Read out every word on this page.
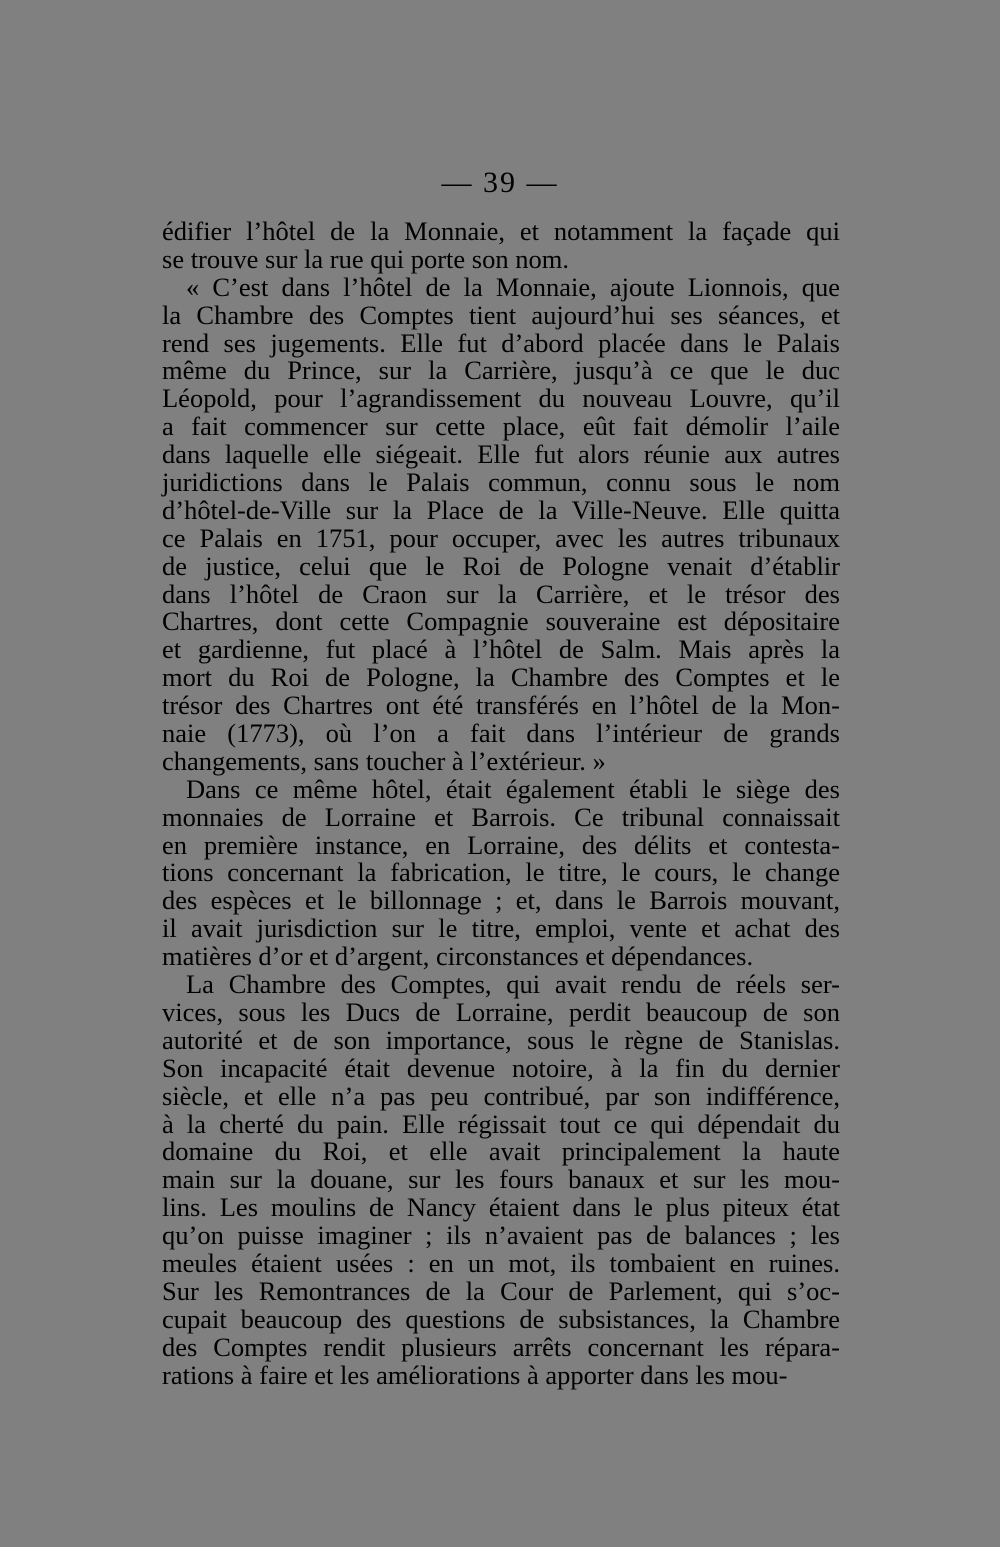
— 39 —
édifier l’hôtel de la Monnaie, et notamment la façade qui
se trouve sur la rue qui porte son nom.
« C’est dans l’hôtel de la Monnaie, ajoute Lionnois, que
la Chambre des Comptes tient aujourd’hui ses séances, et
rend ses jugements. Elle fut d’abord placée dans le Palais
même du Prince, sur la Carrière, jusqu’à ce que le duc
Léopold, pour l’agrandissement du nouveau Louvre, qu’il
a fait commencer sur cette place, eût fait démolir l’aile
dans laquelle elle siégeait. Elle fut alors réunie aux autres
juridictions dans le Palais commun, connu sous le nom
d’hôtel-de-Ville sur la Place de la Ville-Neuve. Elle quitta
ce Palais en 1751, pour occuper, avec les autres tribunaux
de justice, celui que le Roi de Pologne venait d’établir
dans l’hôtel de Craon sur la Carrière, et le trésor des
Chartres, dont cette Compagnie souveraine est dépositaire
et gardienne, fut placé à l’hôtel de Salm. Mais après la
mort du Roi de Pologne, la Chambre des Comptes et le
trésor des Chartres ont été transférés en l’hôtel de la Mon-
naie (1773), où l’on a fait dans l’intérieur de grands
changements, sans toucher à l’extérieur. »
Dans ce même hôtel, était également établi le siège des
monnaies de Lorraine et Barrois. Ce tribunal connaissait
en première instance, en Lorraine, des délits et contesta-
tions concernant la fabrication, le titre, le cours, le change
des espèces et le billonnage ; et, dans le Barrois mouvant,
il avait jurisdiction sur le titre, emploi, vente et achat des
matières d’or et d’argent, circonstances et dépendances.
La Chambre des Comptes, qui avait rendu de réels ser-
vices, sous les Ducs de Lorraine, perdit beaucoup de son
autorité et de son importance, sous le règne de Stanislas.
Son incapacité était devenue notoire, à la fin du dernier
siècle, et elle n’a pas peu contribué, par son indifférence,
à la cherté du pain. Elle régissait tout ce qui dépendait du
domaine du Roi, et elle avait principalement la haute
main sur la douane, sur les fours banaux et sur les mou-
lins. Les moulins de Nancy étaient dans le plus piteux état
qu’on puisse imaginer ; ils n’avaient pas de balances ; les
meules étaient usées : en un mot, ils tombaient en ruines.
Sur les Remontrances de la Cour de Parlement, qui s’oc-
cupait beaucoup des questions de subsistances, la Chambre
des Comptes rendit plusieurs arrêts concernant les répara-
rations à faire et les améliorations à apporter dans les mou-
